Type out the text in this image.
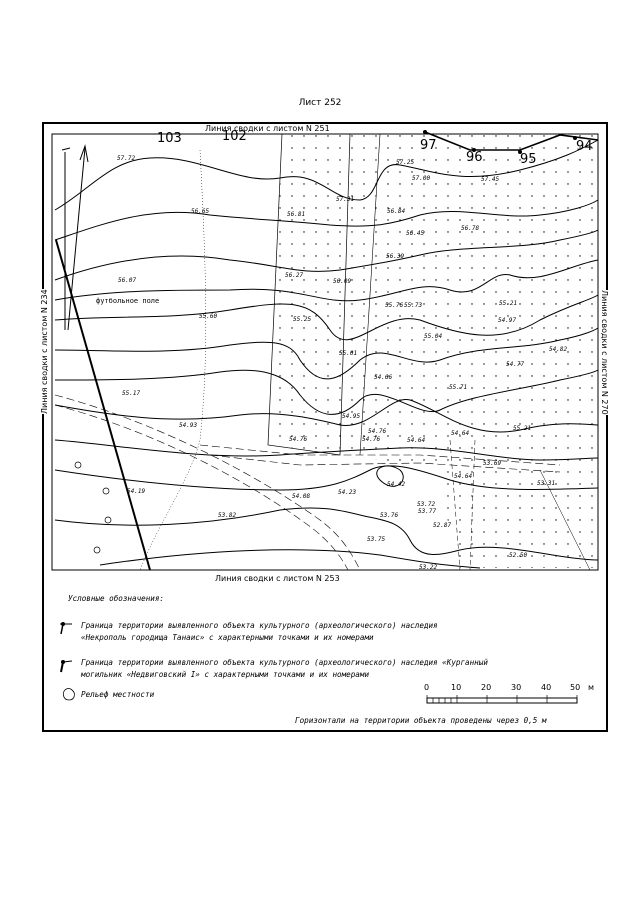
Лист 252
Линия сводки с листом N 251
Линия сводки с листом N 253
Линия сводки с листом N 234	Линия сводки с листом N 270
103	102
97
96	95
94
футбольное поле
57.72
56.65
56.07
55.60
55.17
54.93
54.19
53.82
56.81
57.25
57.31
57.00	57.45
56.84
56.78
56.45
56.39
56.27
56.09
55.25
55.73
55.76
55.04
55.21
54.97
55.71
54.77
54.82
55.21
55.01
54.76
54.95
54.64
54.76
54.66
54.64
54.64
53.69
54.42	53.31
54.76
54.08
54.23
53.72
53.77
53.76
53.75
52.87
52.50
53.22
Условные обозначения:
Граница территории выявленного объекта культурного (археологического) наследия
«Некрополь городища Танаис» с характерными точками и их номерами
Граница территории выявленного объекта культурного (археологического) наследия «Курганный
могильник «Недвиговский I» с характерными точками и их номерами
Рельеф местности
0	10 20 30 40 50 м
Горизонтали на территории объекта проведены через 0,5 м
